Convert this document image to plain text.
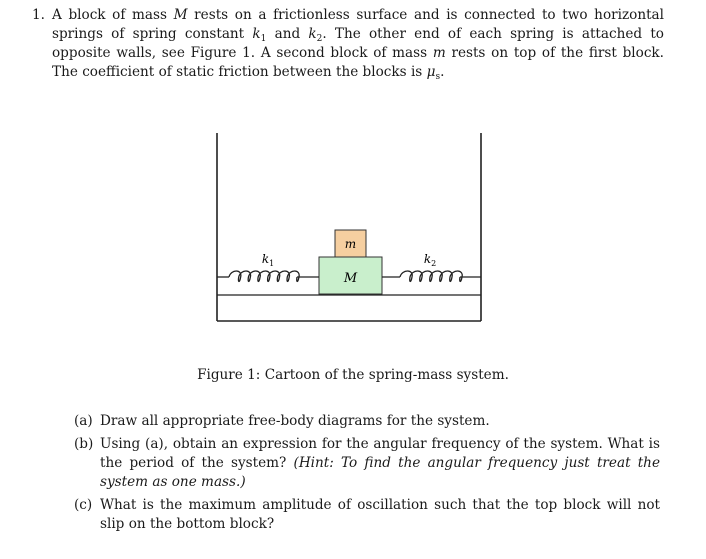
1. A block of mass M rests on a frictionless surface and is connected to two horizontal springs of spring constant $k_1$ and $k_2$. The other end of each spring is attached to opposite walls, see Figure 1. A second block of mass m rests on top of the first block. The coefficient of static friction between the blocks is $\mu_s$.
m
M
$k_1$	$k_2$
Figure 1: Cartoon of the spring-mass system.
(a) Draw all appropriate free-body diagrams for the system.
(b) Using (a), obtain an expression for the angular frequency of the system. What is the period of the system? (Hint: To find the angular frequency just treat the system as one mass.)
(c) What is the maximum amplitude of oscillation such that the top block will not slip on the bottom block?
